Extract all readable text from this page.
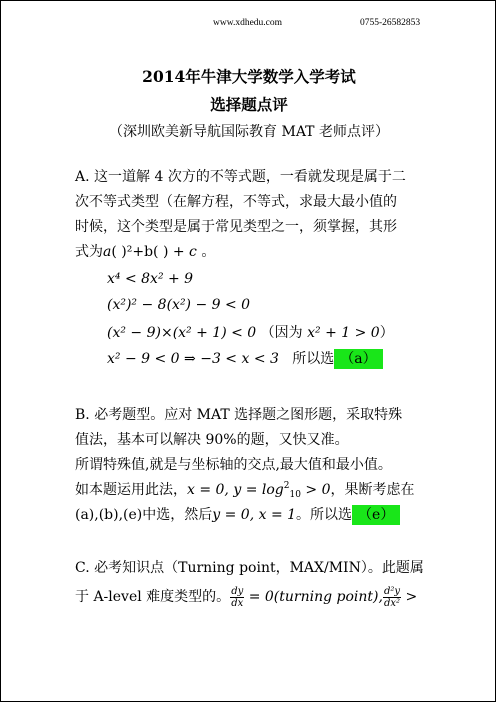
www.xdhedu.com	0755-26582853
2014年牛津大学数学入学考试
选择题点评
（深圳欧美新导航国际教育 MAT 老师点评）
A. 这一道解 4 次方的不等式题，一看就发现是属于二
次不等式类型（在解方程，不等式，求最大最小值的
时候，这个类型是属于常见类型之一，须掌握，其形
式为a( )²+b( ) + c 。
x⁴ < 8x² + 9
(x²)² − 8(x²) − 9 < 0
(x² − 9)×(x² + 1) < 0 （因为 x² + 1 > 0）
x² − 9 < 0 ⇒ −3 < x < 3 所以选 （a）
B. 必考题型。应对 MAT 选择题之图形题，采取特殊
值法，基本可以解决 90%的题，又快又准。
所谓特殊值,就是与坐标轴的交点,最大值和最小值。
如本题运用此法，x = 0, $y = \log^2_{10} > 0$，果断考虑在
(a),(b),(e)中选，然后y = 0, x = 1。所以选 （e）
C. 必考知识点（Turning point，MAX/MIN）。此题属
于 A-level 难度类型的。 $\frac{dy}{dx}$ = 0(turning point), $\frac{\text{d²y}}{\text{dx²}}$ >
